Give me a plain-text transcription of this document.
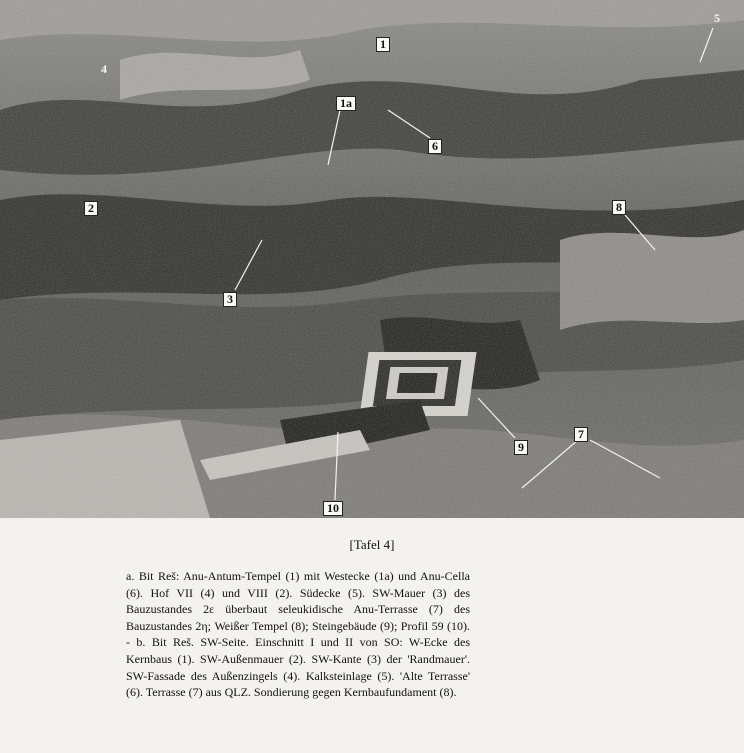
1
1a
2
3
4
5
6
7
8
9
10
[Tafel 4]
a. Bit Reš: Anu-Antum-Tempel (1) mit Westecke (1a) und Anu-Cella (6). Hof VII (4) und VIII (2). Südecke (5). SW-Mauer (3) des Bauzustandes 2ε überbaut seleukidische Anu-Terrasse (7) des Bauzustandes 2η; Weißer Tempel (8); Steingebäude (9); Profil 59 (10). - b. Bit Reš. SW-Seite. Einschnitt I und II von SO: W-Ecke des Kernbaus (1). SW-Außenmauer (2). SW-Kante (3) der 'Randmauer'. SW-Fassade des Außenzingels (4). Kalksteinlage (5). 'Alte Terrasse' (6). Terrasse (7) aus QLZ. Sondierung gegen Kernbaufundament (8).
